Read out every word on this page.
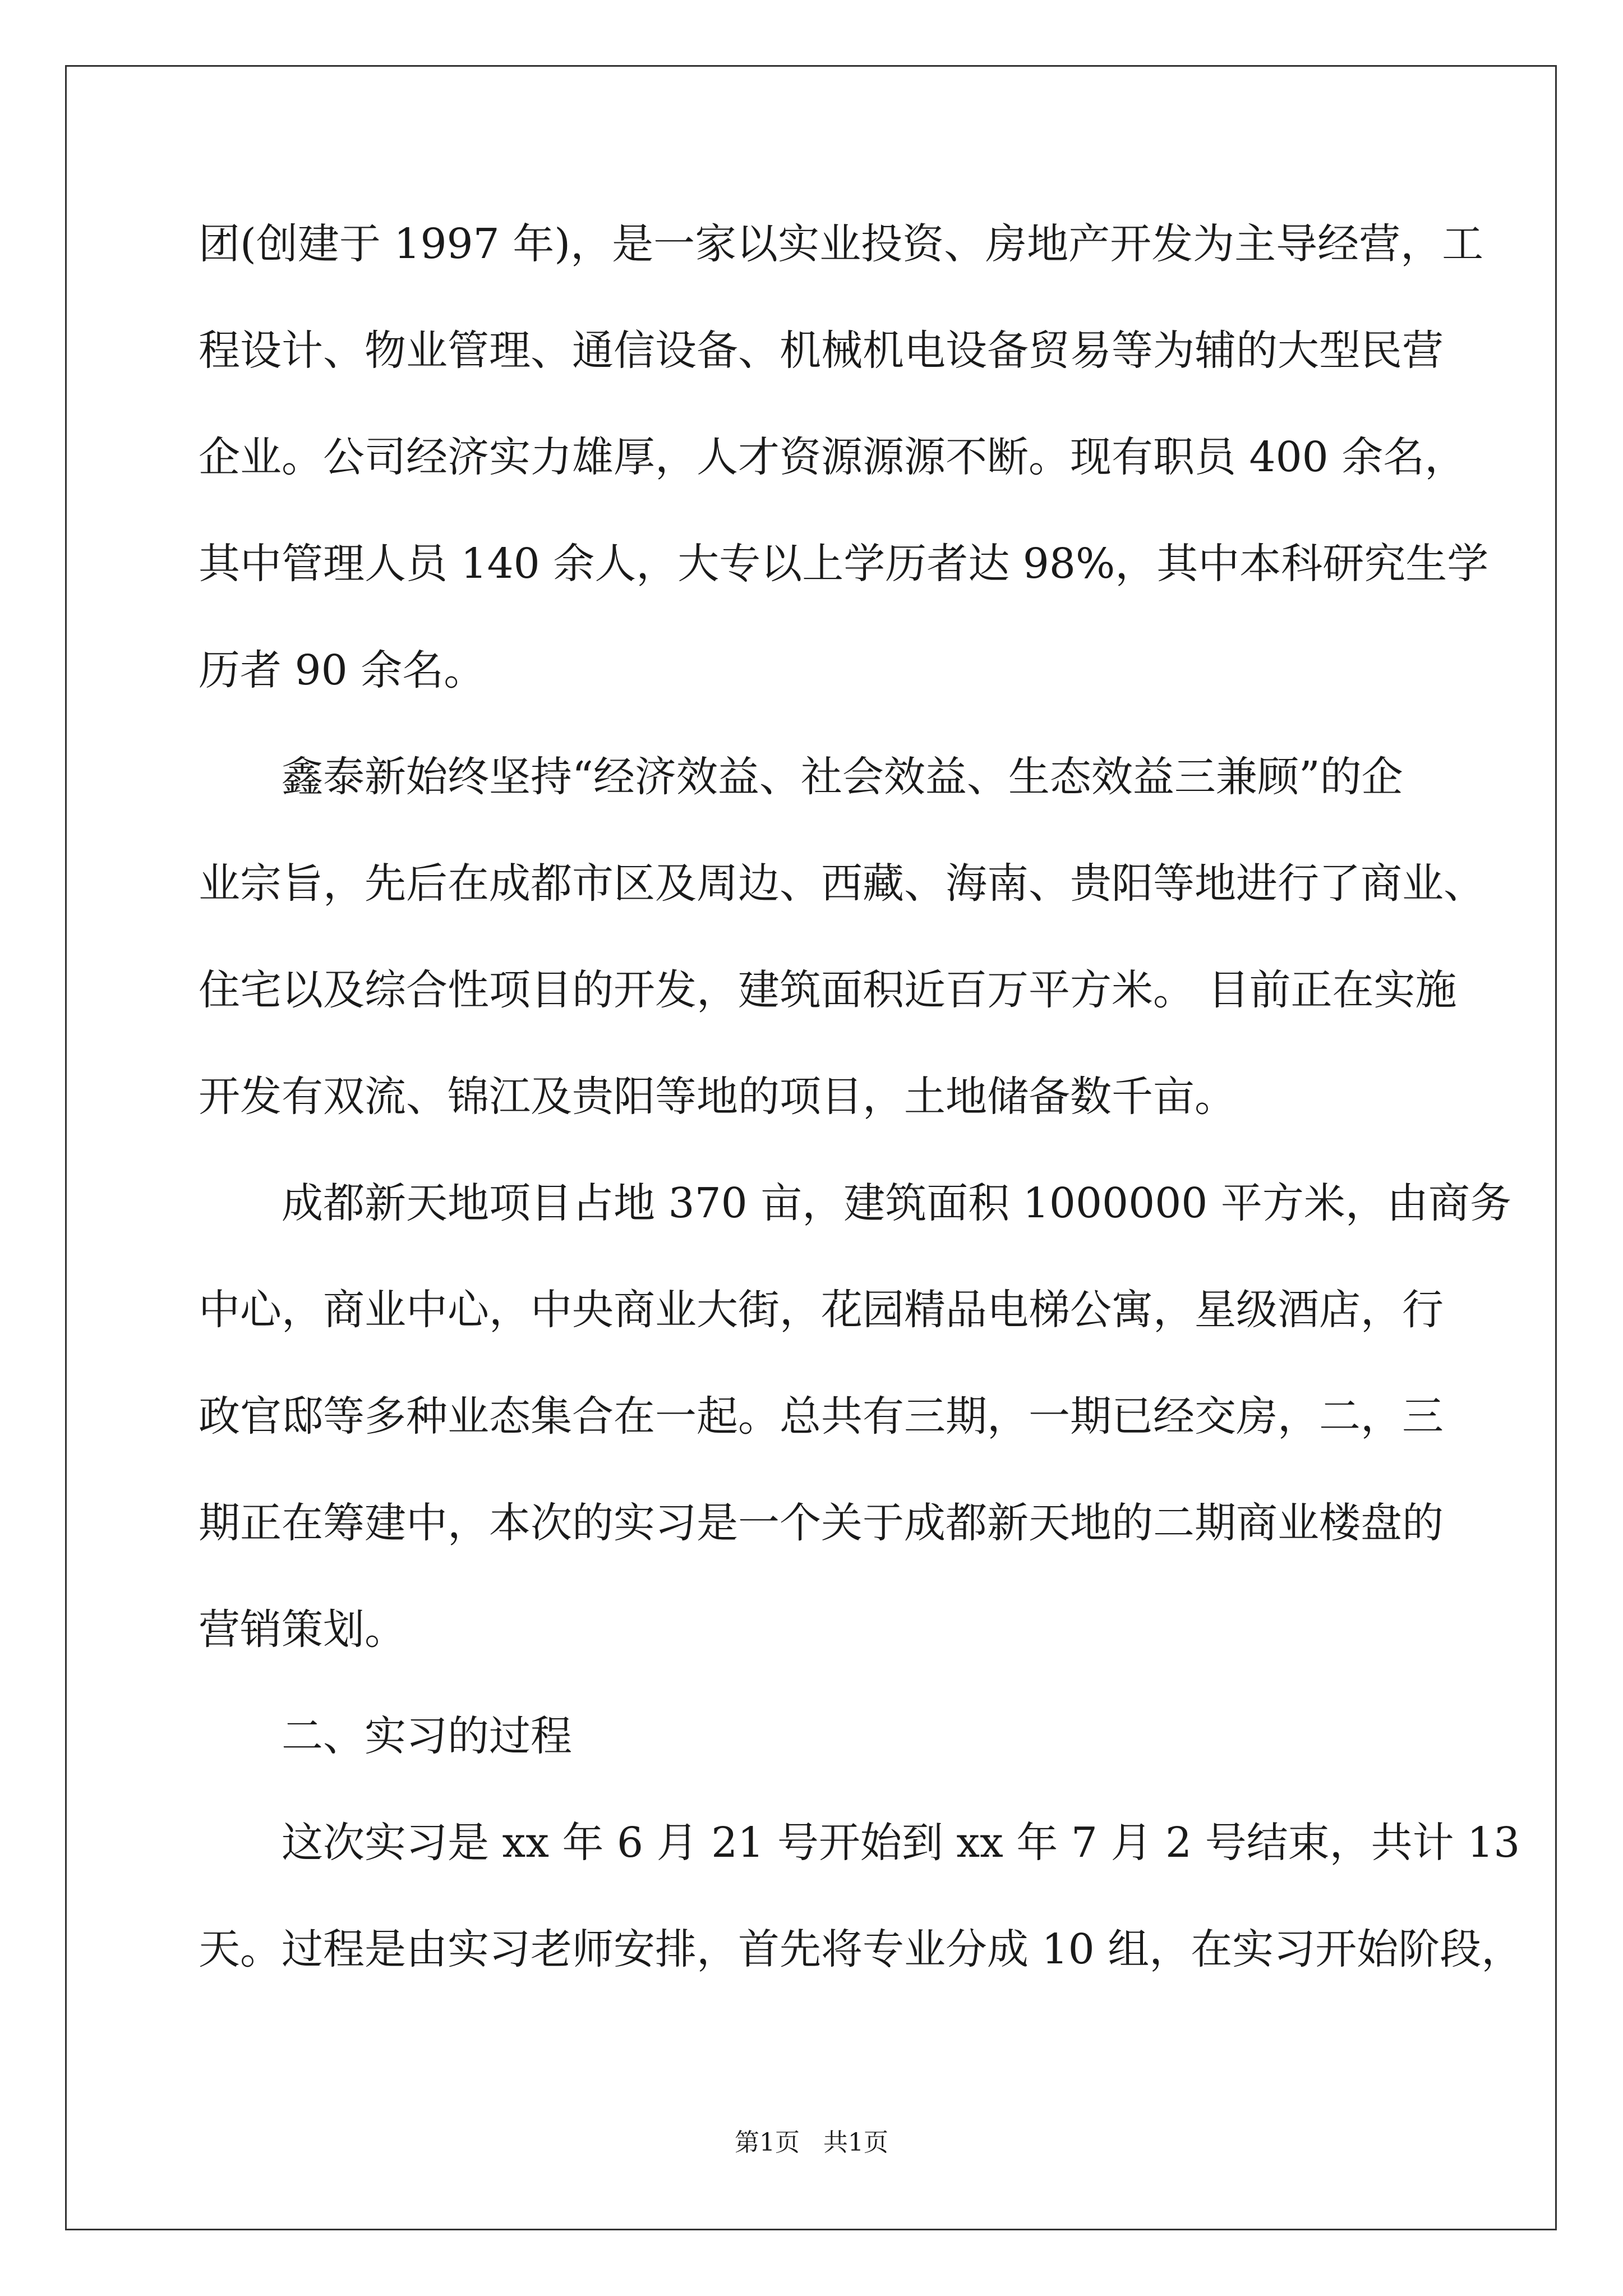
团(创建于 1997 年)，是一家以实业投资、房地产开发为主导经营，工
程设计、物业管理、通信设备、机械机电设备贸易等为辅的大型民营
企业。公司经济实力雄厚，人才资源源源不断。现有职员 400 余名，
其中管理人员 140 余人，大专以上学历者达 98%，其中本科研究生学
历者 90 余名。
鑫泰新始终坚持“经济效益、社会效益、生态效益三兼顾”的企
业宗旨，先后在成都市区及周边、西藏、海南、贵阳等地进行了商业、
住宅以及综合性项目的开发，建筑面积近百万平方米。 目前正在实施
开发有双流、锦江及贵阳等地的项目，土地储备数千亩。
成都新天地项目占地 370 亩，建筑面积 1000000 平方米，由商务
中心，商业中心，中央商业大街，花园精品电梯公寓，星级酒店，行
政官邸等多种业态集合在一起。总共有三期，一期已经交房，二，三
期正在筹建中，本次的实习是一个关于成都新天地的二期商业楼盘的
营销策划。
二、实习的过程
这次实习是 xx 年 6 月 21 号开始到 xx 年 7 月 2 号结束，共计 13
天。过程是由实习老师安排，首先将专业分成 10 组，在实习开始阶段，
第1页   共1页
